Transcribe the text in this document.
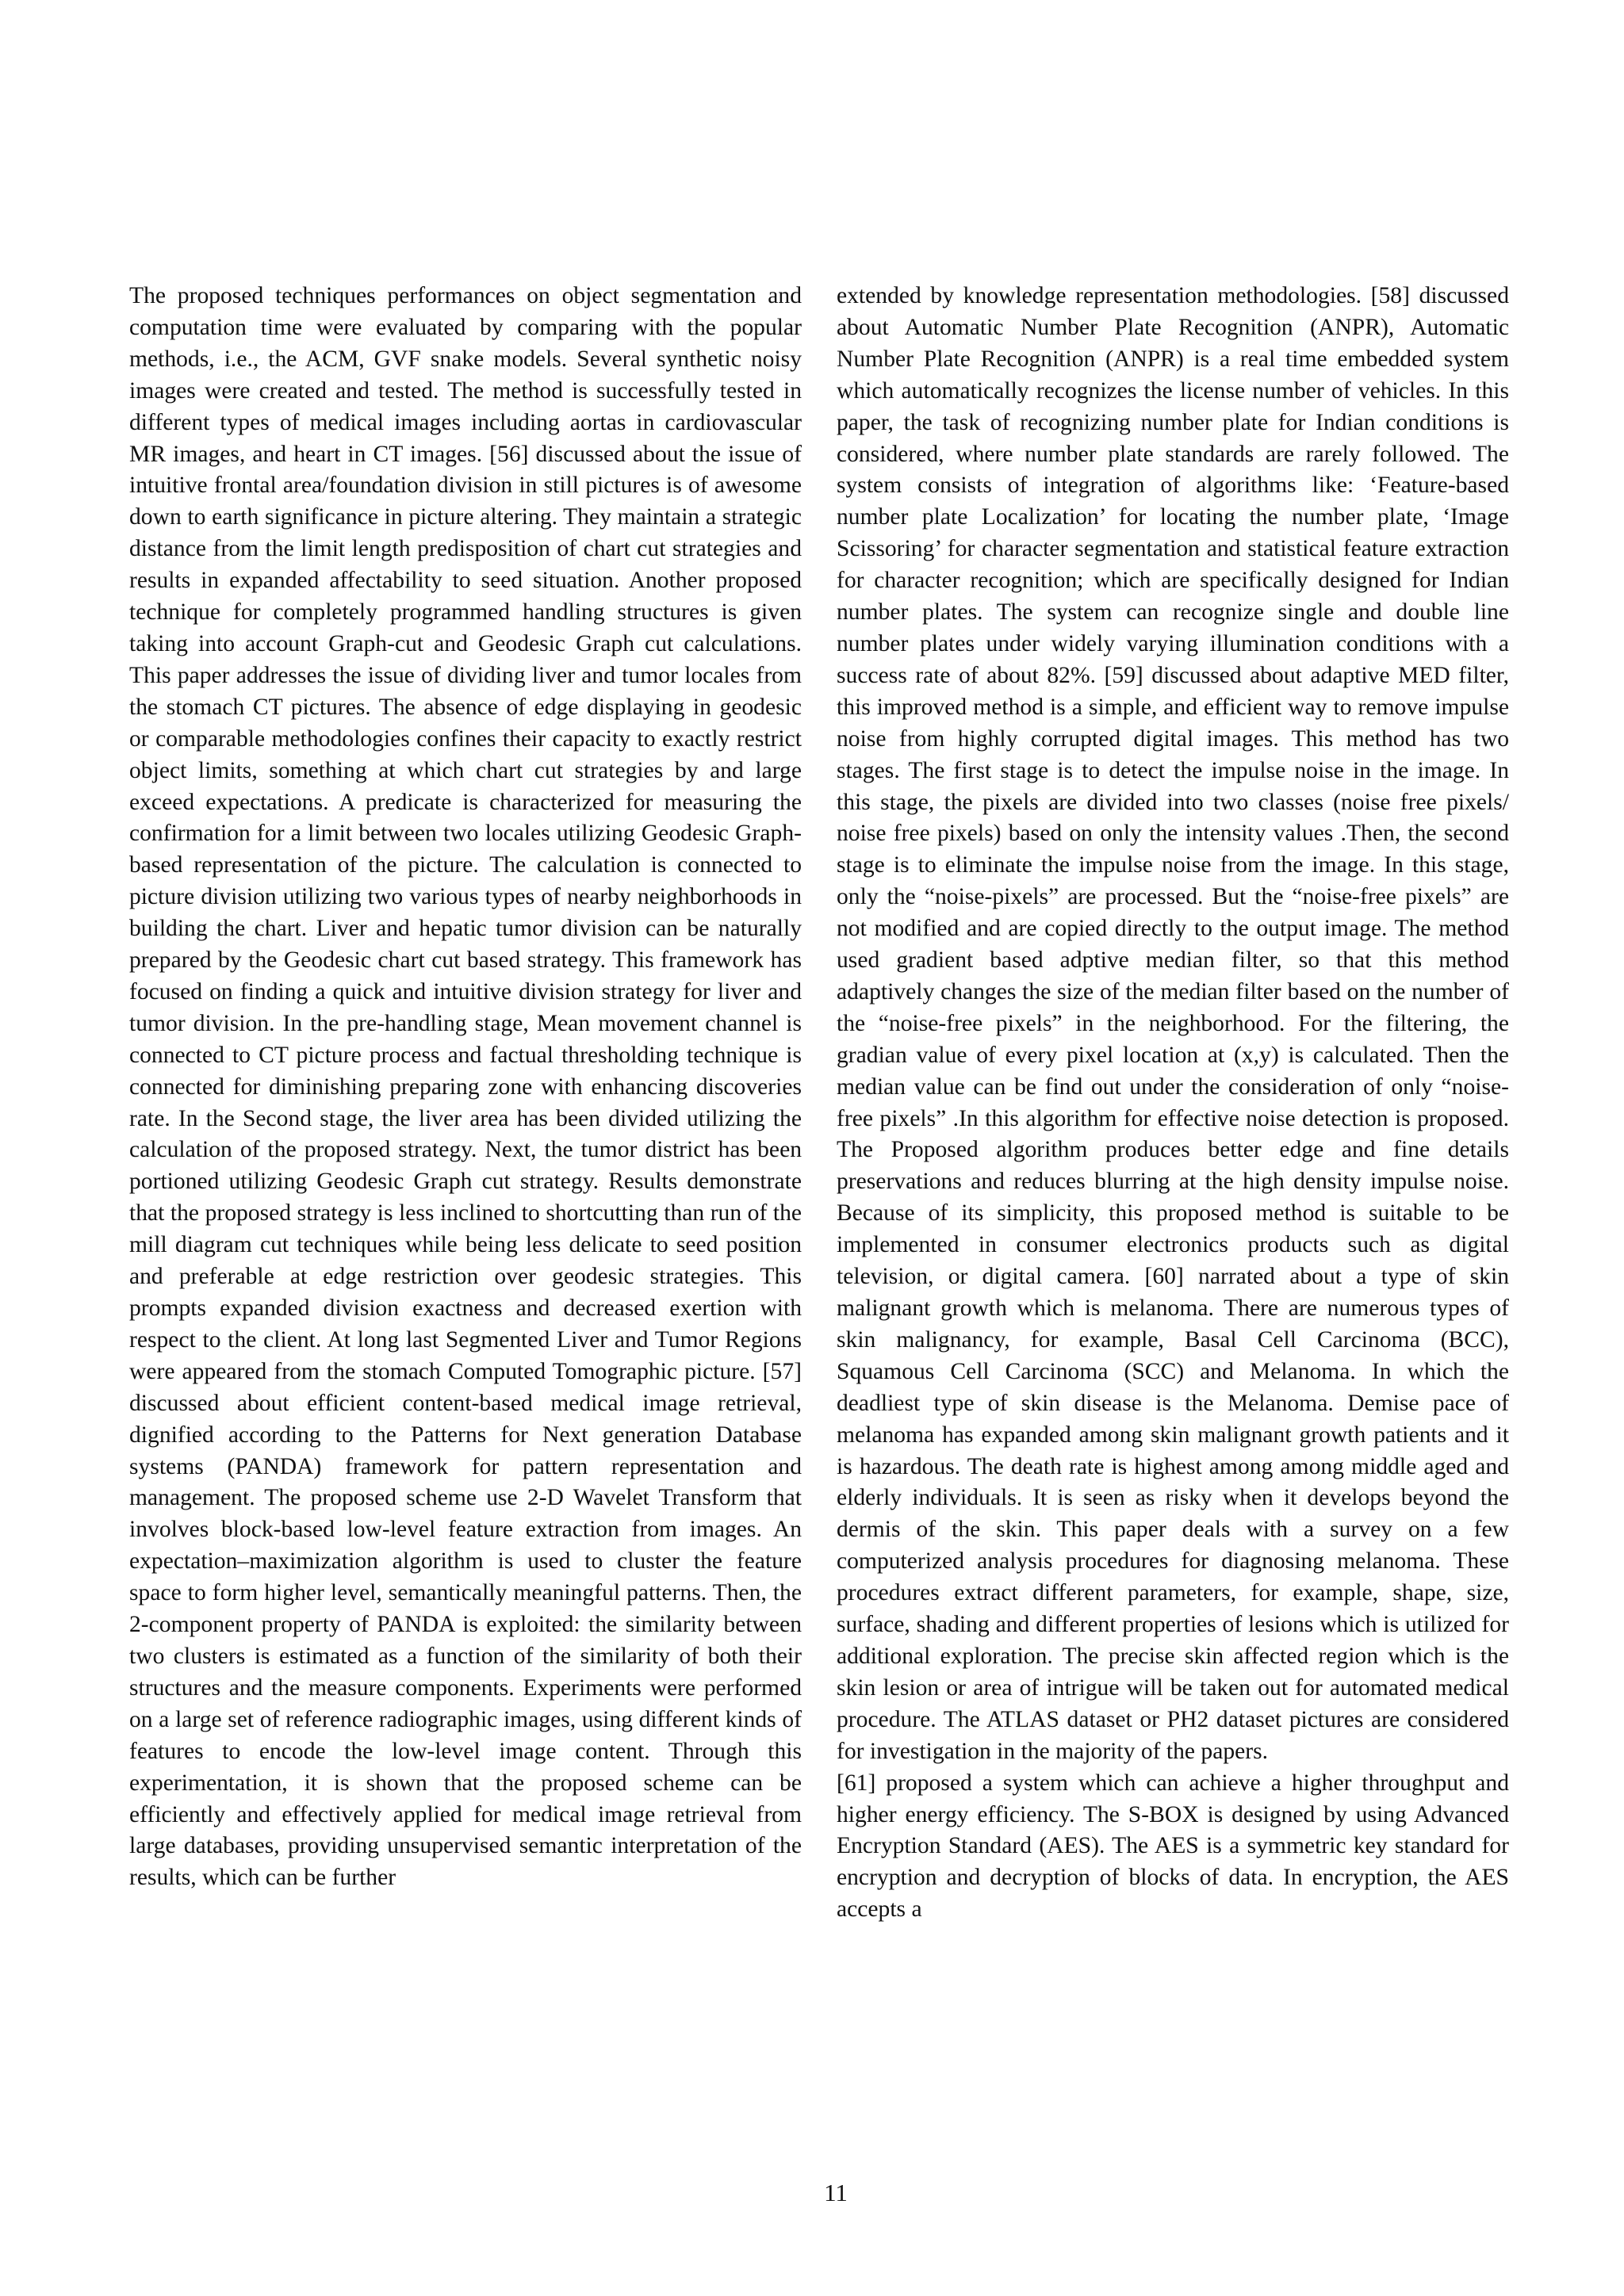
The proposed techniques performances on object segmentation and computation time were evaluated by comparing with the popular methods, i.e., the ACM, GVF snake models. Several synthetic noisy images were created and tested. The method is successfully tested in different types of medical images including aortas in cardiovascular MR images, and heart in CT images. [56] discussed about the issue of intuitive frontal area/foundation division in still pictures is of awesome down to earth significance in picture altering. They maintain a strategic distance from the limit length predisposition of chart cut strategies and results in expanded affectability to seed situation. Another proposed technique for completely programmed handling structures is given taking into account Graph-cut and Geodesic Graph cut calculations. This paper addresses the issue of dividing liver and tumor locales from the stomach CT pictures. The absence of edge displaying in geodesic or comparable methodologies confines their capacity to exactly restrict object limits, something at which chart cut strategies by and large exceed expectations. A predicate is characterized for measuring the confirmation for a limit between two locales utilizing Geodesic Graph-based representation of the picture. The calculation is connected to picture division utilizing two various types of nearby neighborhoods in building the chart. Liver and hepatic tumor division can be naturally prepared by the Geodesic chart cut based strategy. This framework has focused on finding a quick and intuitive division strategy for liver and tumor division. In the pre-handling stage, Mean movement channel is connected to CT picture process and factual thresholding technique is connected for diminishing preparing zone with enhancing discoveries rate. In the Second stage, the liver area has been divided utilizing the calculation of the proposed strategy. Next, the tumor district has been portioned utilizing Geodesic Graph cut strategy. Results demonstrate that the proposed strategy is less inclined to shortcutting than run of the mill diagram cut techniques while being less delicate to seed position and preferable at edge restriction over geodesic strategies. This prompts expanded division exactness and decreased exertion with respect to the client. At long last Segmented Liver and Tumor Regions were appeared from the stomach Computed Tomographic picture. [57] discussed about efficient content-based medical image retrieval, dignified according to the Patterns for Next generation Database systems (PANDA) framework for pattern representation and management. The proposed scheme use 2-D Wavelet Transform that involves block-based low-level feature extraction from images. An expectation–maximization algorithm is used to cluster the feature space to form higher level, semantically meaningful patterns. Then, the 2-component property of PANDA is exploited: the similarity between two clusters is estimated as a function of the similarity of both their structures and the measure components. Experiments were performed on a large set of reference radiographic images, using different kinds of features to encode the low-level image content. Through this experimentation, it is shown that the proposed scheme can be efficiently and effectively applied for medical image retrieval from large databases, providing unsupervised semantic interpretation of the results, which can be further

extended by knowledge representation methodologies. [58] discussed about Automatic Number Plate Recognition (ANPR), Automatic Number Plate Recognition (ANPR) is a real time embedded system which automatically recognizes the license number of vehicles. In this paper, the task of recognizing number plate for Indian conditions is considered, where number plate standards are rarely followed. The system consists of integration of algorithms like: ‘Feature-based number plate Localization’ for locating the number plate, ‘Image Scissoring’ for character segmentation and statistical feature extraction for character recognition; which are specifically designed for Indian number plates. The system can recognize single and double line number plates under widely varying illumination conditions with a success rate of about 82%. [59] discussed about adaptive MED filter, this improved method is a simple, and efficient way to remove impulse noise from highly corrupted digital images. This method has two stages. The first stage is to detect the impulse noise in the image. In this stage, the pixels are divided into two classes (noise free pixels/ noise free pixels) based on only the intensity values .Then, the second stage is to eliminate the impulse noise from the image. In this stage, only the “noise-pixels” are processed. But the “noise-free pixels” are not modified and are copied directly to the output image. The method used gradient based adptive median filter, so that this method adaptively changes the size of the median filter based on the number of the “noise-free pixels” in the neighborhood. For the filtering, the gradian value of every pixel location at (x,y) is calculated. Then the median value can be find out under the consideration of only “noise-free pixels” .In this algorithm for effective noise detection is proposed. The Proposed algorithm produces better edge and fine details preservations and reduces blurring at the high density impulse noise. Because of its simplicity, this proposed method is suitable to be implemented in consumer electronics products such as digital television, or digital camera. [60] narrated about a type of skin malignant growth which is melanoma. There are numerous types of skin malignancy, for example, Basal Cell Carcinoma (BCC), Squamous Cell Carcinoma (SCC) and Melanoma. In which the deadliest type of skin disease is the Melanoma. Demise pace of melanoma has expanded among skin malignant growth patients and it is hazardous. The death rate is highest among among middle aged and elderly individuals. It is seen as risky when it develops beyond the dermis of the skin. This paper deals with a survey on a few computerized analysis procedures for diagnosing melanoma. These procedures extract different parameters, for example, shape, size, surface, shading and different properties of lesions which is utilized for additional exploration. The precise skin affected region which is the skin lesion or area of intrigue will be taken out for automated medical procedure. The ATLAS dataset or PH2 dataset pictures are considered for investigation in the majority of the papers.

[61] proposed a system which can achieve a higher throughput and higher energy efficiency. The S-BOX is designed by using Advanced Encryption Standard (AES). The AES is a symmetric key standard for encryption and decryption of blocks of data. In encryption, the AES accepts a

11
